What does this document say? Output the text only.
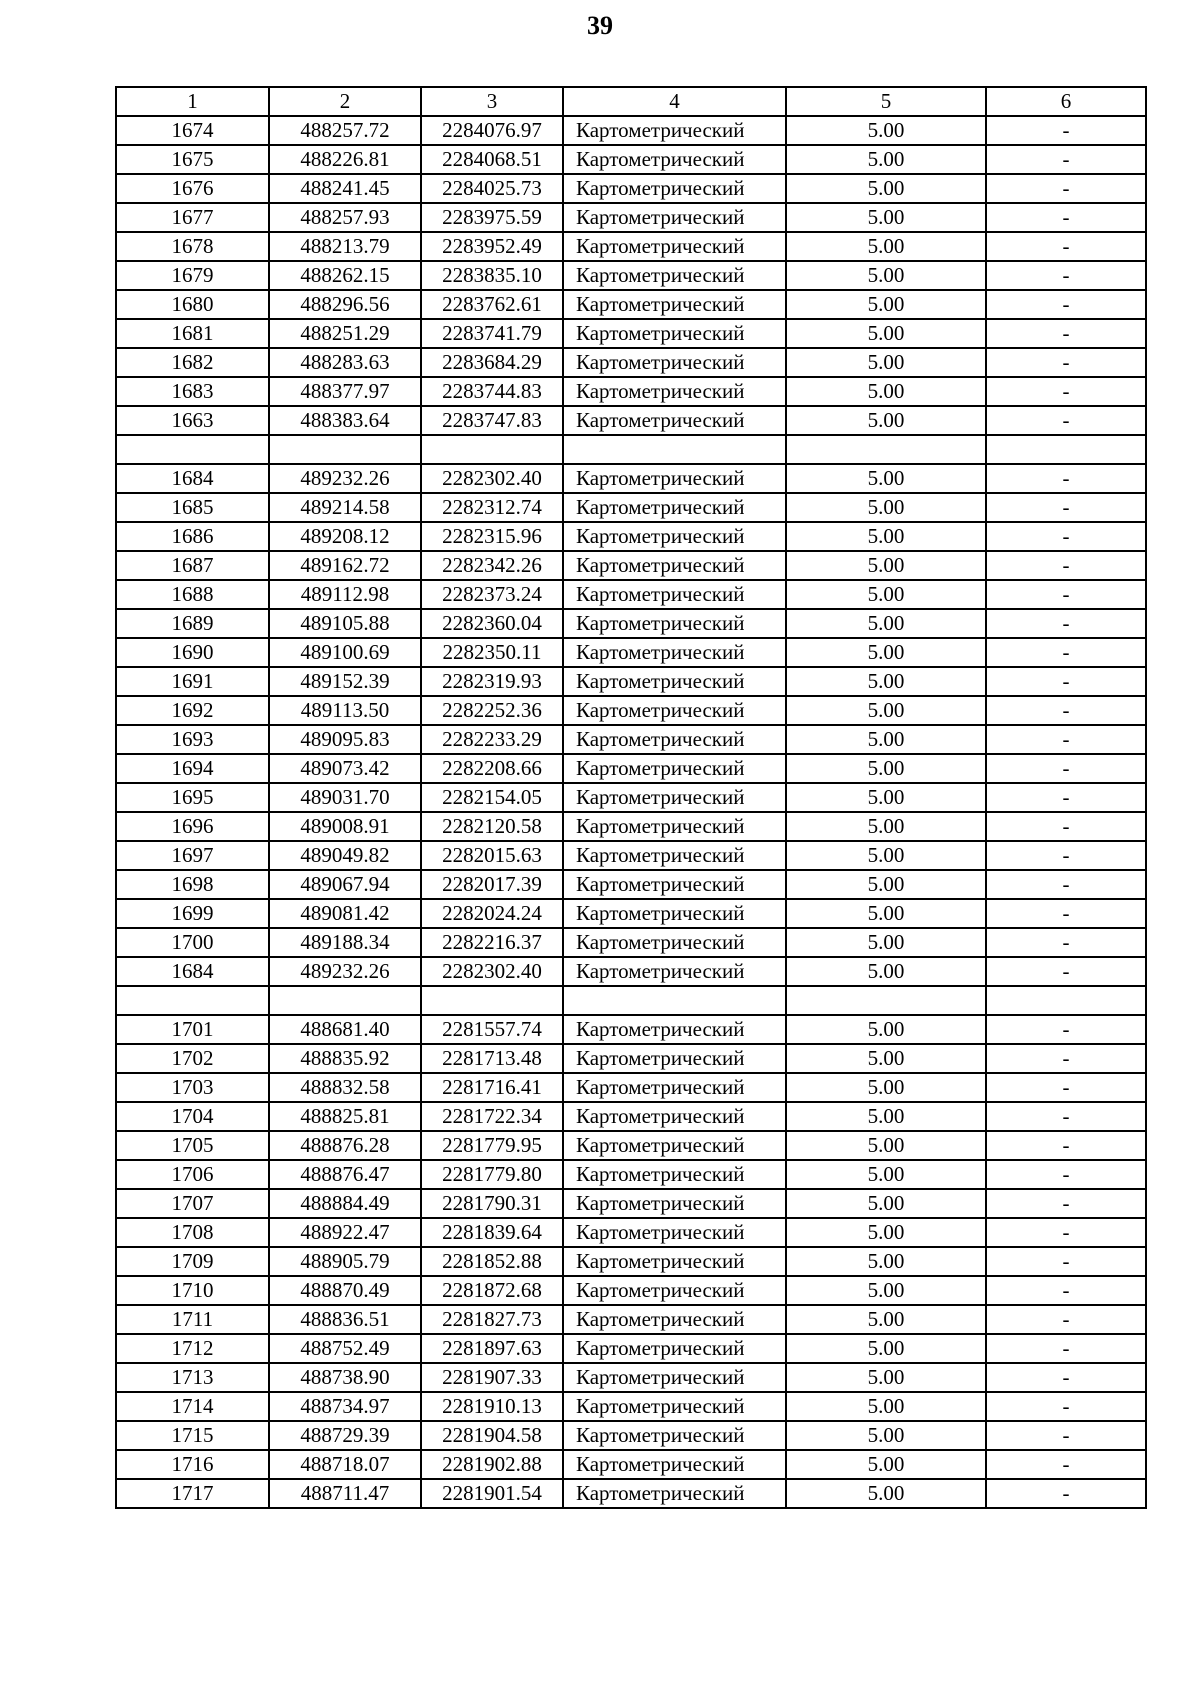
39
1	2	3	4	5	6
1674	488257.72	2284076.97	Картометрический	5.00	-
1675	488226.81	2284068.51	Картометрический	5.00	-
1676	488241.45	2284025.73	Картометрический	5.00	-
1677	488257.93	2283975.59	Картометрический	5.00	-
1678	488213.79	2283952.49	Картометрический	5.00	-
1679	488262.15	2283835.10	Картометрический	5.00	-
1680	488296.56	2283762.61	Картометрический	5.00	-
1681	488251.29	2283741.79	Картометрический	5.00	-
1682	488283.63	2283684.29	Картометрический	5.00	-
1683	488377.97	2283744.83	Картометрический	5.00	-
1663	488383.64	2283747.83	Картометрический	5.00	-

1684	489232.26	2282302.40	Картометрический	5.00	-
1685	489214.58	2282312.74	Картометрический	5.00	-
1686	489208.12	2282315.96	Картометрический	5.00	-
1687	489162.72	2282342.26	Картометрический	5.00	-
1688	489112.98	2282373.24	Картометрический	5.00	-
1689	489105.88	2282360.04	Картометрический	5.00	-
1690	489100.69	2282350.11	Картометрический	5.00	-
1691	489152.39	2282319.93	Картометрический	5.00	-
1692	489113.50	2282252.36	Картометрический	5.00	-
1693	489095.83	2282233.29	Картометрический	5.00	-
1694	489073.42	2282208.66	Картометрический	5.00	-
1695	489031.70	2282154.05	Картометрический	5.00	-
1696	489008.91	2282120.58	Картометрический	5.00	-
1697	489049.82	2282015.63	Картометрический	5.00	-
1698	489067.94	2282017.39	Картометрический	5.00	-
1699	489081.42	2282024.24	Картометрический	5.00	-
1700	489188.34	2282216.37	Картометрический	5.00	-
1684	489232.26	2282302.40	Картометрический	5.00	-

1701	488681.40	2281557.74	Картометрический	5.00	-
1702	488835.92	2281713.48	Картометрический	5.00	-
1703	488832.58	2281716.41	Картометрический	5.00	-
1704	488825.81	2281722.34	Картометрический	5.00	-
1705	488876.28	2281779.95	Картометрический	5.00	-
1706	488876.47	2281779.80	Картометрический	5.00	-
1707	488884.49	2281790.31	Картометрический	5.00	-
1708	488922.47	2281839.64	Картометрический	5.00	-
1709	488905.79	2281852.88	Картометрический	5.00	-
1710	488870.49	2281872.68	Картометрический	5.00	-
1711	488836.51	2281827.73	Картометрический	5.00	-
1712	488752.49	2281897.63	Картометрический	5.00	-
1713	488738.90	2281907.33	Картометрический	5.00	-
1714	488734.97	2281910.13	Картометрический	5.00	-
1715	488729.39	2281904.58	Картометрический	5.00	-
1716	488718.07	2281902.88	Картометрический	5.00	-
1717	488711.47	2281901.54	Картометрический	5.00	-
